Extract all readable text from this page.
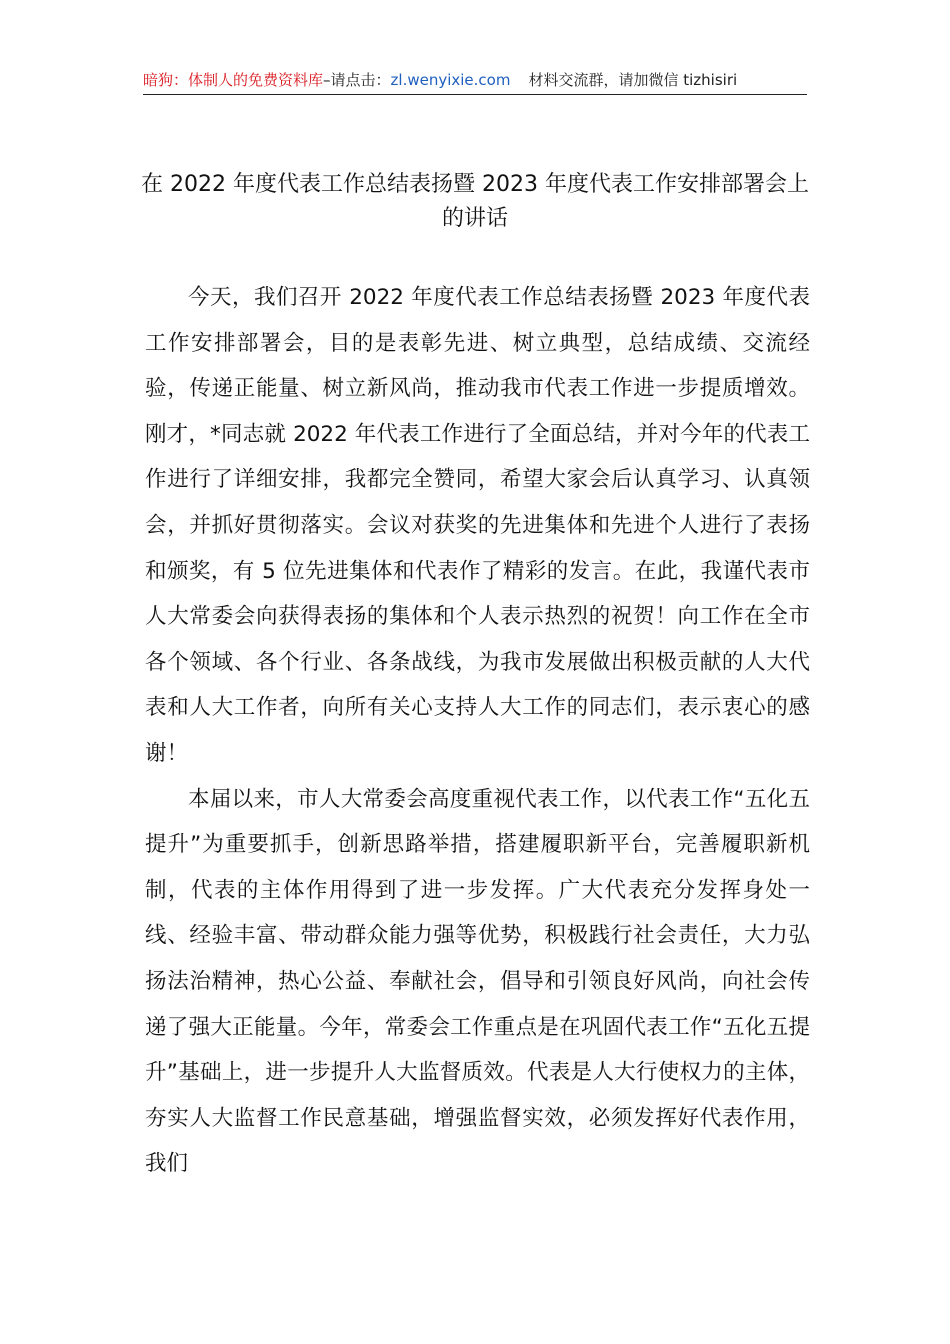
暗狗：体制人的免费资料库–请点击：zl.wenyixie.com 材料交流群，请加微信 tizhisiri
在 2022 年度代表工作总结表扬暨 2023 年度代表工作安排部署会上的讲话

今天，我们召开 2022 年度代表工作总结表扬暨 2023 年度代表工作安排部署会，目的是表彰先进、树立典型，总结成绩、交流经验，传递正能量、树立新风尚，推动我市代表工作进一步提质增效。刚才，*同志就 2022 年代表工作进行了全面总结，并对今年的代表工作进行了详细安排，我都完全赞同，希望大家会后认真学习、认真领会，并抓好贯彻落实。会议对获奖的先进集体和先进个人进行了表扬和颁奖，有 5 位先进集体和代表作了精彩的发言。在此，我谨代表市人大常委会向获得表扬的集体和个人表示热烈的祝贺！向工作在全市各个领域、各个行业、各条战线，为我市发展做出积极贡献的人大代表和人大工作者，向所有关心支持人大工作的同志们，表示衷心的感谢！

本届以来，市人大常委会高度重视代表工作，以代表工作“五化五提升”为重要抓手，创新思路举措，搭建履职新平台，完善履职新机制，代表的主体作用得到了进一步发挥。广大代表充分发挥身处一线、经验丰富、带动群众能力强等优势，积极践行社会责任，大力弘扬法治精神，热心公益、奉献社会，倡导和引领良好风尚，向社会传递了强大正能量。今年，常委会工作重点是在巩固代表工作“五化五提升”基础上，进一步提升人大监督质效。代表是人大行使权力的主体，夯实人大监督工作民意基础，增强监督实效，必须发挥好代表作用，我们
